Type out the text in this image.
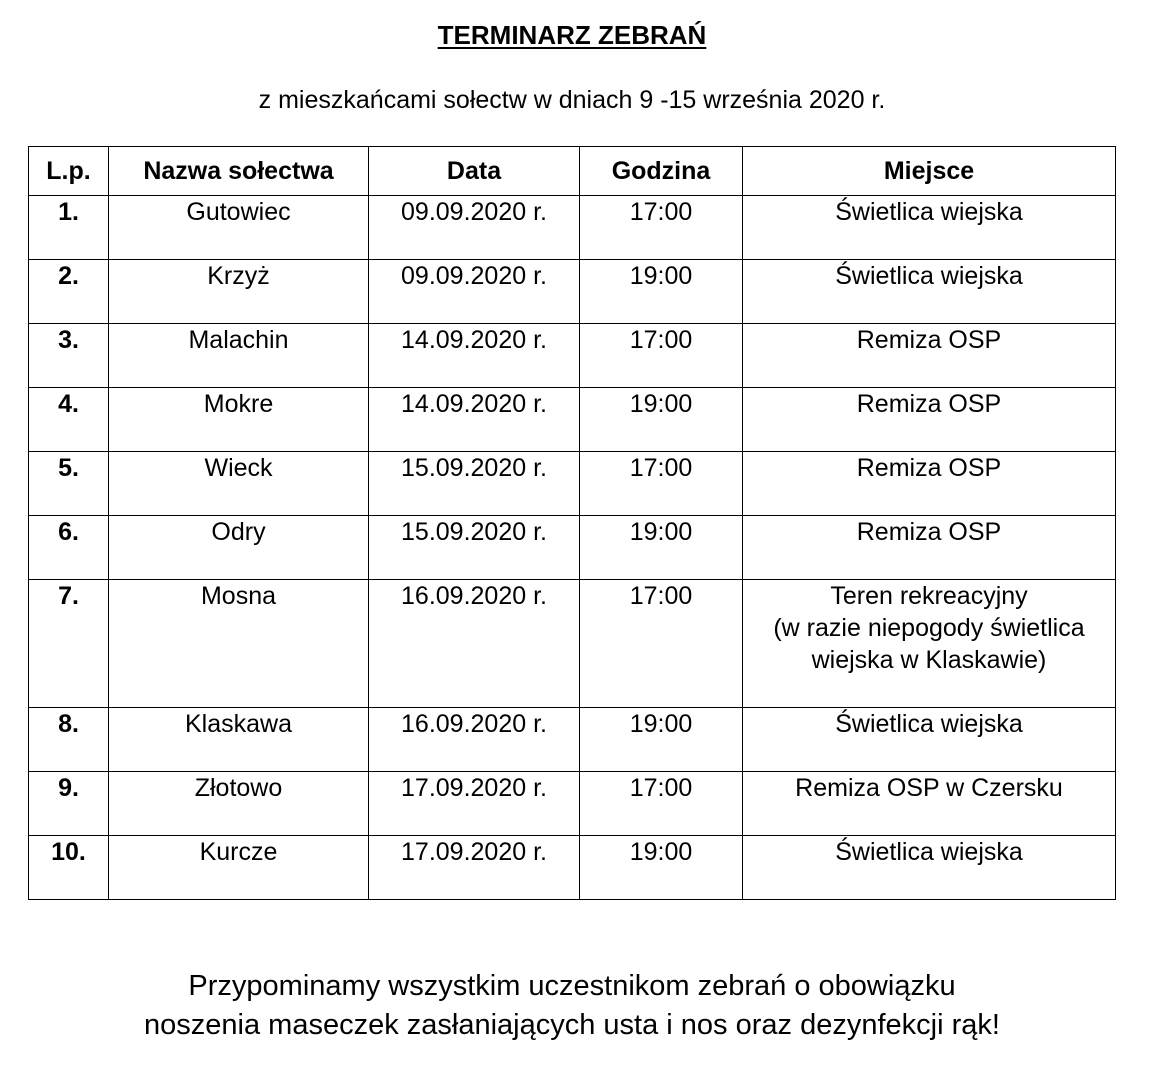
TERMINARZ ZEBRAŃ
z mieszkańcami sołectw w dniach 9 -15 września 2020 r.
L.p.	Nazwa sołectwa	Data	Godzina	Miejsce
1.	Gutowiec	09.09.2020 r.	17:00	Świetlica wiejska

2.	Krzyż	09.09.2020 r.	19:00	Świetlica wiejska

3.	Malachin	14.09.2020 r.	17:00	Remiza OSP

4.	Mokre	14.09.2020 r.	19:00	Remiza OSP

5.	Wieck	15.09.2020 r.	17:00	Remiza OSP

6.	Odry	15.09.2020 r.	19:00	Remiza OSP

7.	Mosna	16.09.2020 r.	17:00	Teren rekreacyjny
(w razie niepogody świetlica
wiejska w Klaskawie)

8.	Klaskawa	16.09.2020 r.	19:00	Świetlica wiejska

9.	Złotowo	17.09.2020 r.	17:00	Remiza OSP w Czersku

10.	Kurcze	17.09.2020 r.	19:00	Świetlica wiejska
Przypominamy wszystkim uczestnikom zebrań o obowiązku
noszenia maseczek zasłaniających usta i nos oraz dezynfekcji rąk!
